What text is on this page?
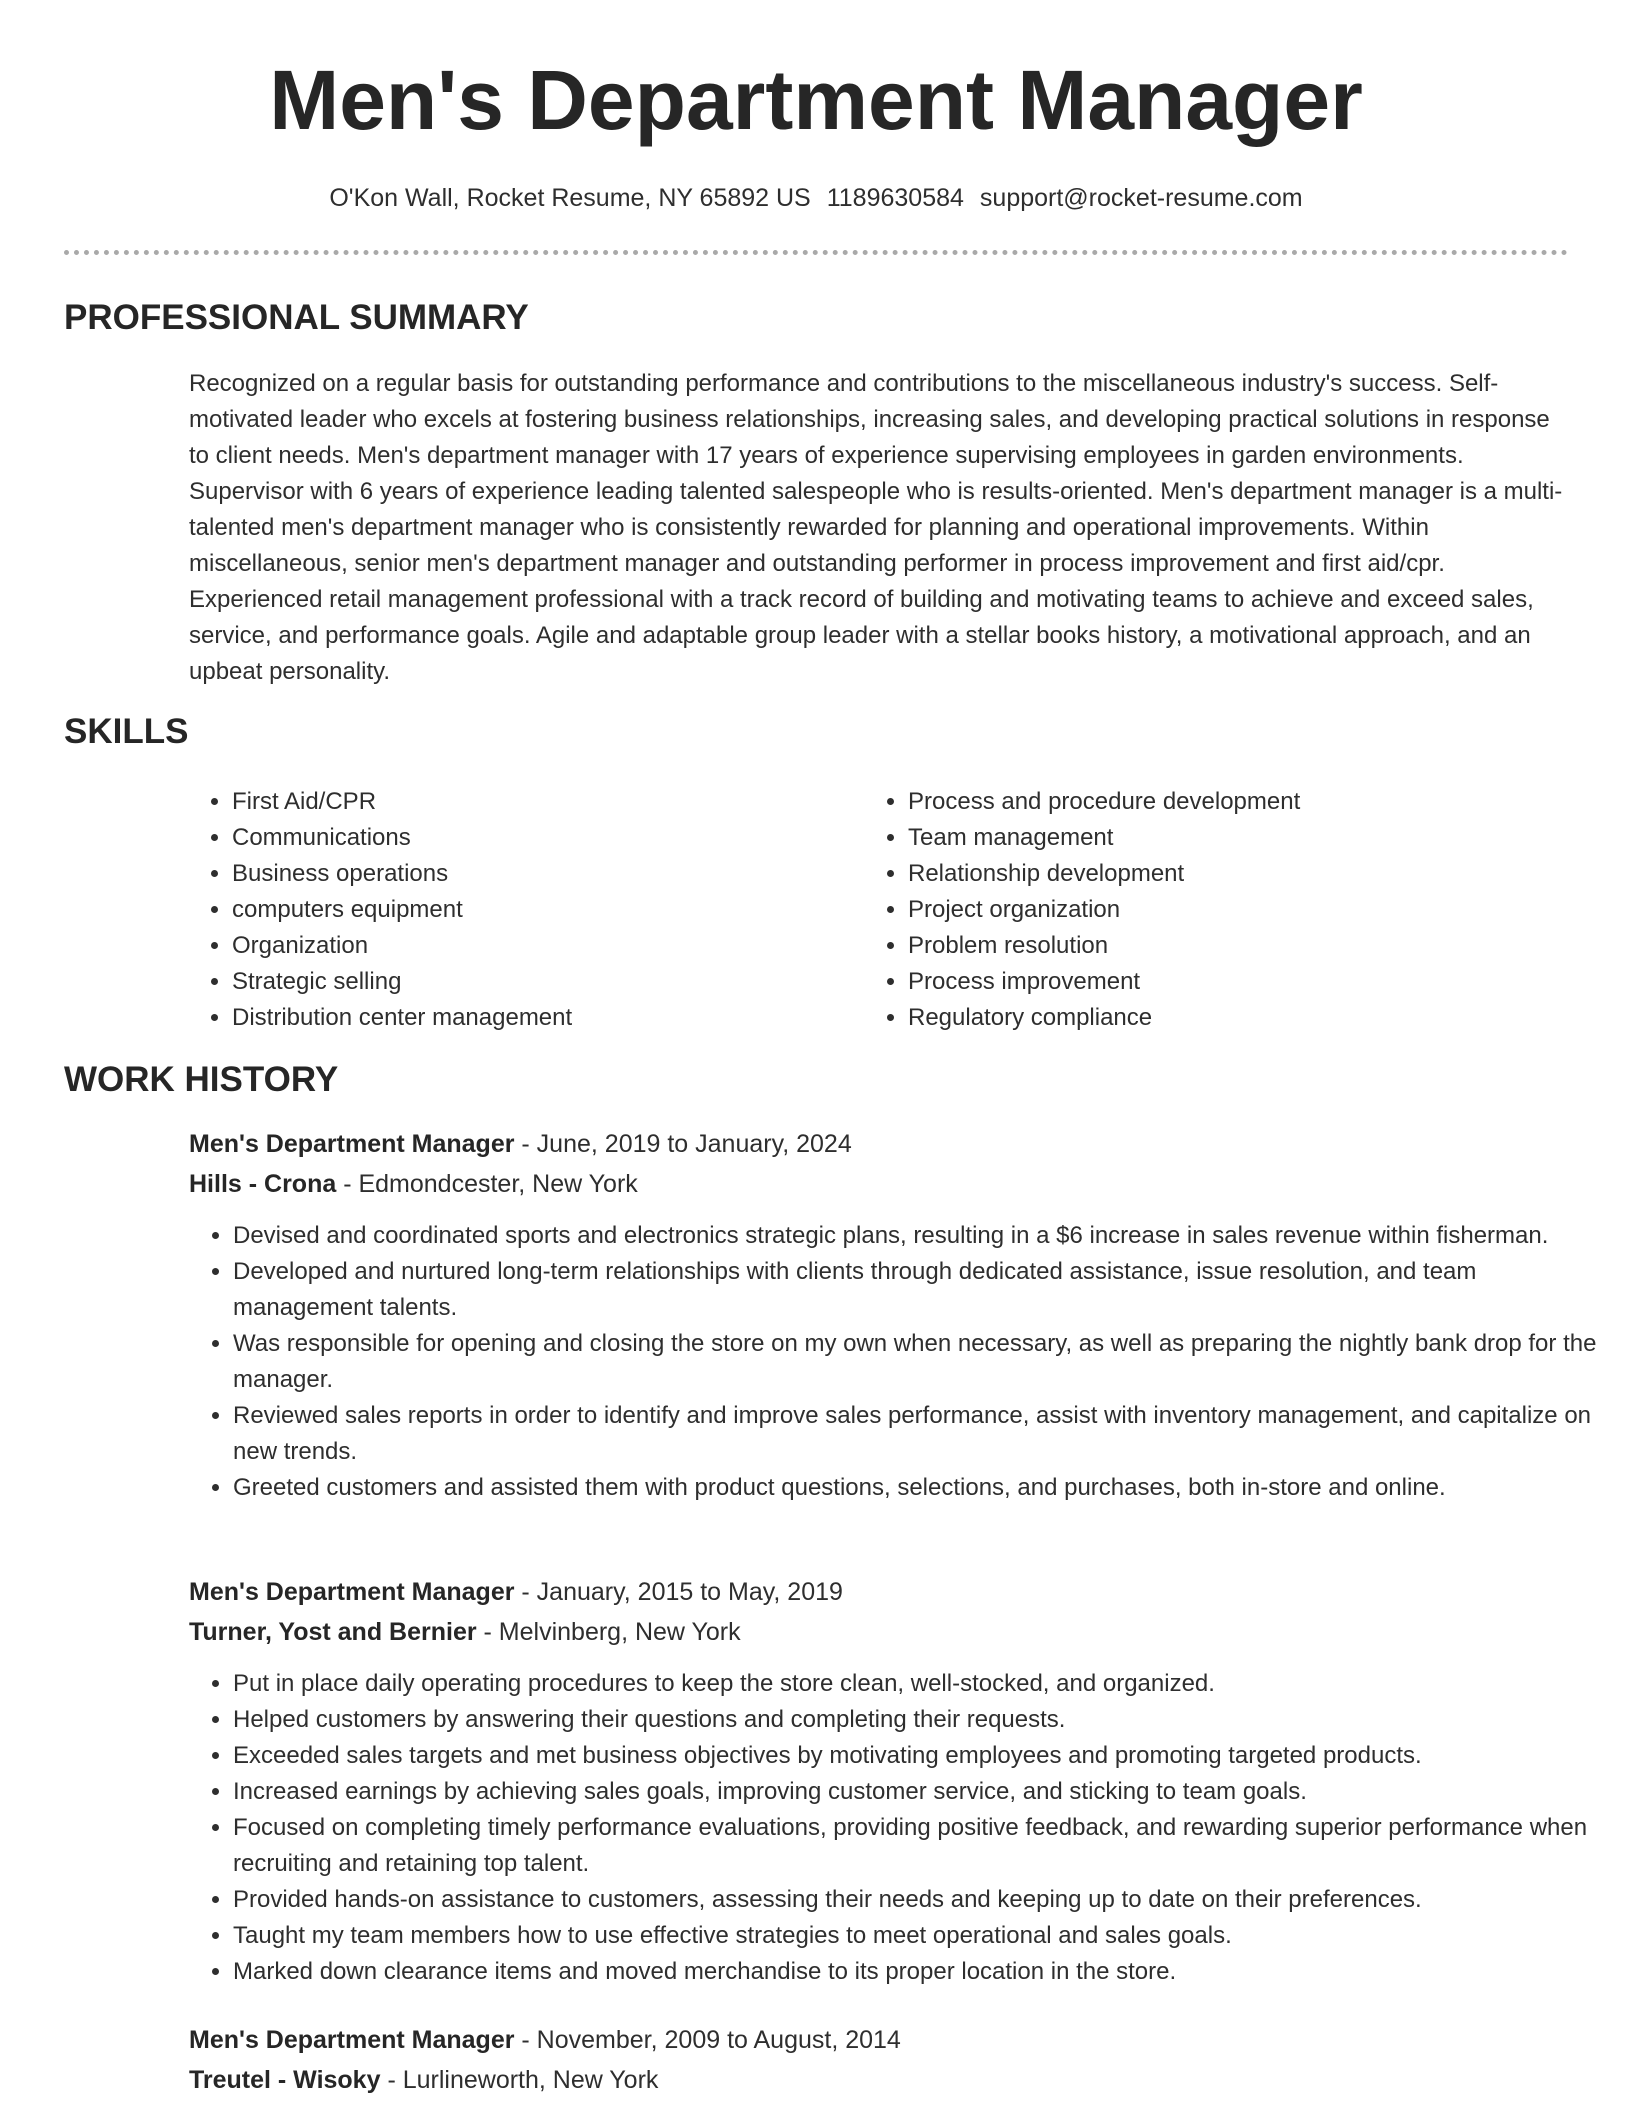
Men's Department Manager
O'Kon Wall, Rocket Resume, NY 65892 US 1189630584 support@rocket-resume.com
PROFESSIONAL SUMMARY
Recognized on a regular basis for outstanding performance and contributions to the miscellaneous industry's success. Self-motivated leader who excels at fostering business relationships, increasing sales, and developing practical solutions in response to client needs. Men's department manager with 17 years of experience supervising employees in garden environments. Supervisor with 6 years of experience leading talented salespeople who is results-oriented. Men's department manager is a multi-talented men's department manager who is consistently rewarded for planning and operational improvements. Within miscellaneous, senior men's department manager and outstanding performer in process improvement and first aid/cpr. Experienced retail management professional with a track record of building and motivating teams to achieve and exceed sales, service, and performance goals. Agile and adaptable group leader with a stellar books history, a motivational approach, and an upbeat personality.
SKILLS
• First Aid/CPR
• Communications
• Business operations
• computers equipment
• Organization
• Strategic selling
• Distribution center management
• Process and procedure development
• Team management
• Relationship development
• Project organization
• Problem resolution
• Process improvement
• Regulatory compliance
WORK HISTORY
Men's Department Manager - June, 2019 to January, 2024
Hills - Crona - Edmondcester, New York
• Devised and coordinated sports and electronics strategic plans, resulting in a $6 increase in sales revenue within fisherman.
• Developed and nurtured long-term relationships with clients through dedicated assistance, issue resolution, and team management talents.
• Was responsible for opening and closing the store on my own when necessary, as well as preparing the nightly bank drop for the manager.
• Reviewed sales reports in order to identify and improve sales performance, assist with inventory management, and capitalize on new trends.
• Greeted customers and assisted them with product questions, selections, and purchases, both in-store and online.
Men's Department Manager - January, 2015 to May, 2019
Turner, Yost and Bernier - Melvinberg, New York
• Put in place daily operating procedures to keep the store clean, well-stocked, and organized.
• Helped customers by answering their questions and completing their requests.
• Exceeded sales targets and met business objectives by motivating employees and promoting targeted products.
• Increased earnings by achieving sales goals, improving customer service, and sticking to team goals.
• Focused on completing timely performance evaluations, providing positive feedback, and rewarding superior performance when recruiting and retaining top talent.
• Provided hands-on assistance to customers, assessing their needs and keeping up to date on their preferences.
• Taught my team members how to use effective strategies to meet operational and sales goals.
• Marked down clearance items and moved merchandise to its proper location in the store.
Men's Department Manager - November, 2009 to August, 2014
Treutel - Wisoky - Lurlineworth, New York
